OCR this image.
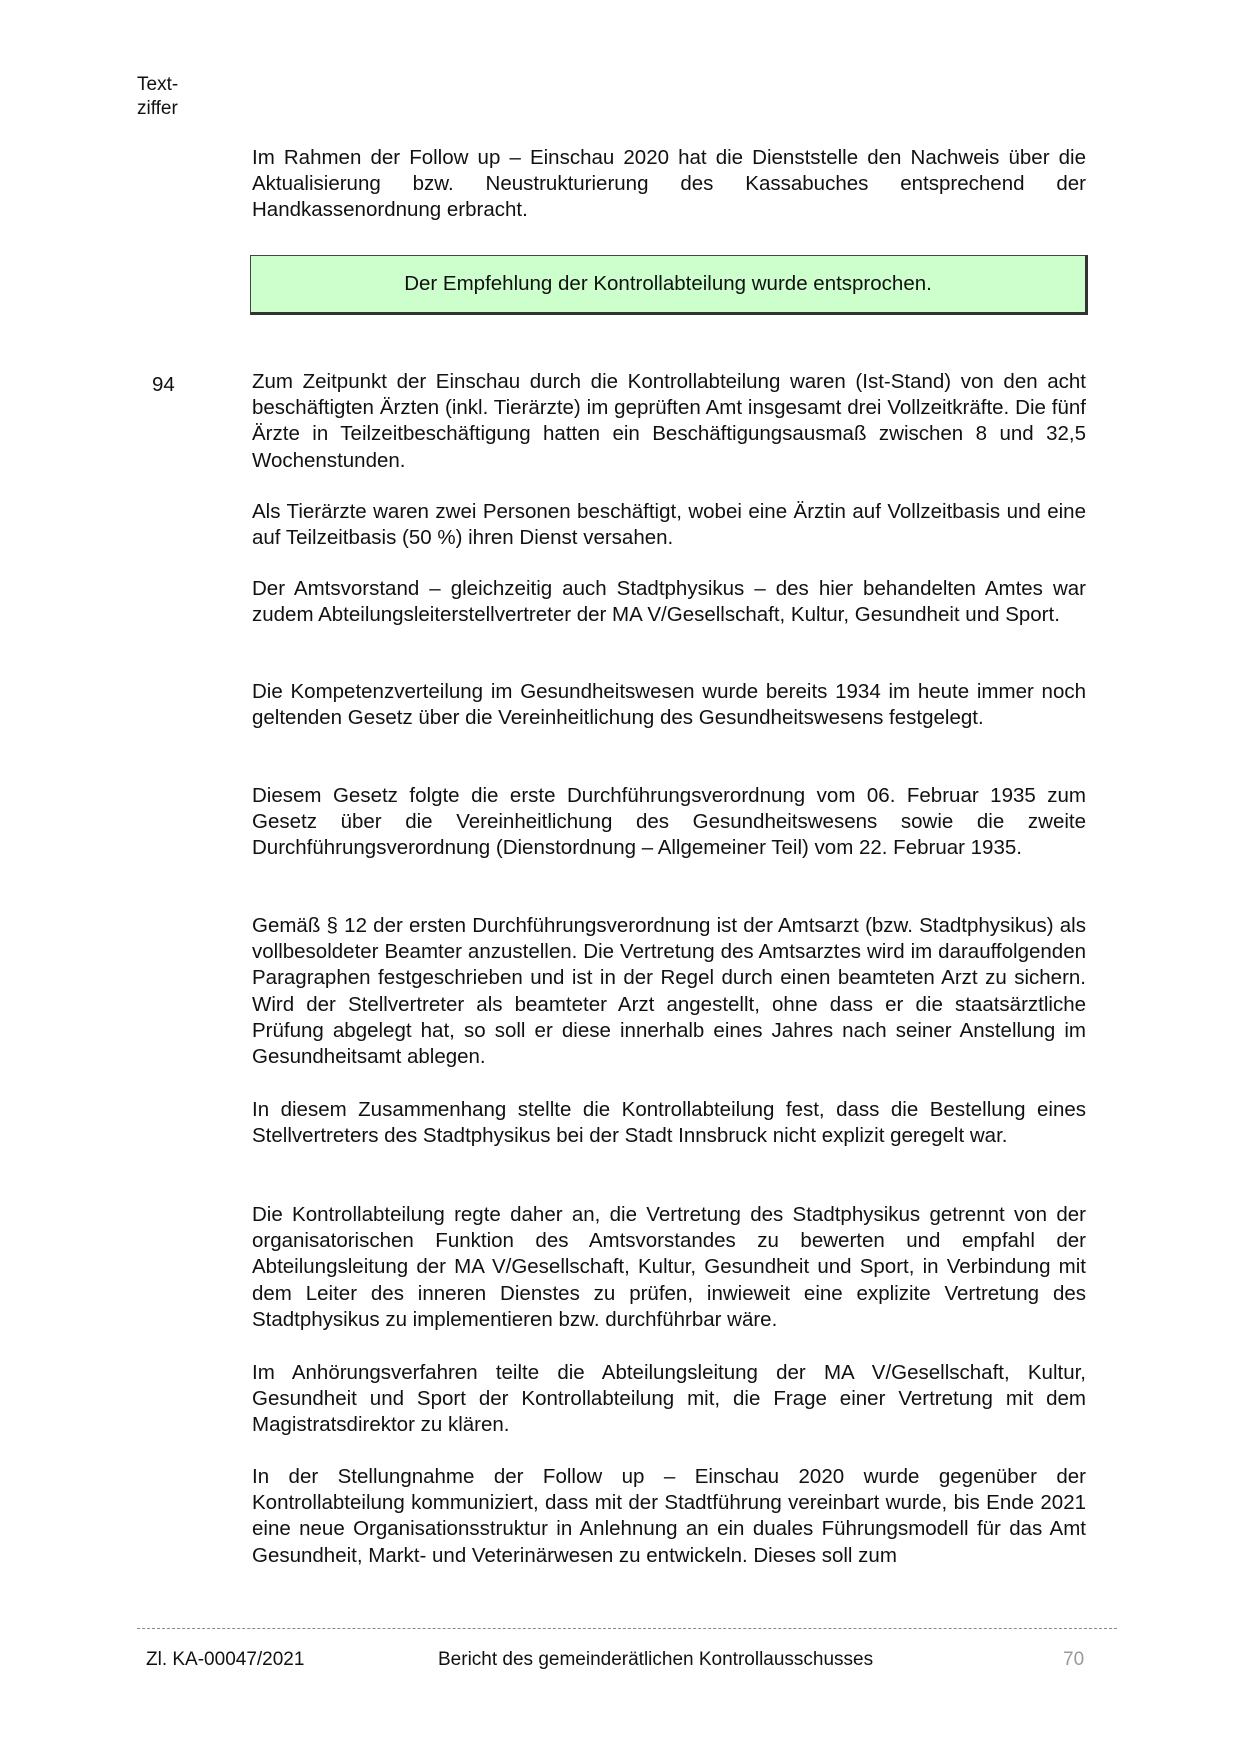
Text-
ziffer

Im Rahmen der Follow up – Einschau 2020 hat die Dienststelle den Nachweis über die Aktualisierung bzw. Neustrukturierung des Kassabuches entsprechend der Handkassenordnung erbracht.

Der Empfehlung der Kontrollabteilung wurde entsprochen.
94	Zum Zeitpunkt der Einschau durch die Kontrollabteilung waren (Ist-Stand) von den acht beschäftigten Ärzten (inkl. Tierärzte) im geprüften Amt insgesamt drei Vollzeitkräfte. Die fünf Ärzte in Teilzeitbeschäftigung hatten ein Beschäftigungsausmaß zwischen 8 und 32,5 Wochenstunden.

Als Tierärzte waren zwei Personen beschäftigt, wobei eine Ärztin auf Vollzeitbasis und eine auf Teilzeitbasis (50 %) ihren Dienst versahen.

Der Amtsvorstand – gleichzeitig auch Stadtphysikus – des hier behandelten Amtes war zudem Abteilungsleiterstellvertreter der MA V/Gesellschaft, Kultur, Gesundheit und Sport.

Die Kompetenzverteilung im Gesundheitswesen wurde bereits 1934 im heute immer noch geltenden Gesetz über die Vereinheitlichung des Gesundheitswesens festgelegt.

Diesem Gesetz folgte die erste Durchführungsverordnung vom 06. Februar 1935 zum Gesetz über die Vereinheitlichung des Gesundheitswesens sowie die zweite Durchführungsverordnung (Dienstordnung – Allgemeiner Teil) vom 22. Februar 1935.

Gemäß § 12 der ersten Durchführungsverordnung ist der Amtsarzt (bzw. Stadtphysikus) als vollbesoldeter Beamter anzustellen. Die Vertretung des Amtsarztes wird im darauffolgenden Paragraphen festgeschrieben und ist in der Regel durch einen beamteten Arzt zu sichern. Wird der Stellvertreter als beamteter Arzt angestellt, ohne dass er die staatsärztliche Prüfung abgelegt hat, so soll er diese innerhalb eines Jahres nach seiner Anstellung im Gesundheitsamt ablegen.

In diesem Zusammenhang stellte die Kontrollabteilung fest, dass die Bestellung eines Stellvertreters des Stadtphysikus bei der Stadt Innsbruck nicht explizit geregelt war.

Die Kontrollabteilung regte daher an, die Vertretung des Stadtphysikus getrennt von der organisatorischen Funktion des Amtsvorstandes zu bewerten und empfahl der Abteilungsleitung der MA V/Gesellschaft, Kultur, Gesundheit und Sport, in Verbindung mit dem Leiter des inneren Dienstes zu prüfen, inwieweit eine explizite Vertretung des Stadtphysikus zu implementieren bzw. durchführbar wäre.

Im Anhörungsverfahren teilte die Abteilungsleitung der MA V/Gesellschaft, Kultur, Gesundheit und Sport der Kontrollabteilung mit, die Frage einer Vertretung mit dem Magistratsdirektor zu klären.

In der Stellungnahme der Follow up – Einschau 2020 wurde gegenüber der Kontrollabteilung kommuniziert, dass mit der Stadtführung vereinbart wurde, bis Ende 2021 eine neue Organisationsstruktur in Anlehnung an ein duales Führungsmodell für das Amt Gesundheit, Markt- und Veterinärwesen zu entwickeln. Dieses soll zum

Zl. KA-00047/2021	Bericht des gemeinderätlichen Kontrollausschusses	70
